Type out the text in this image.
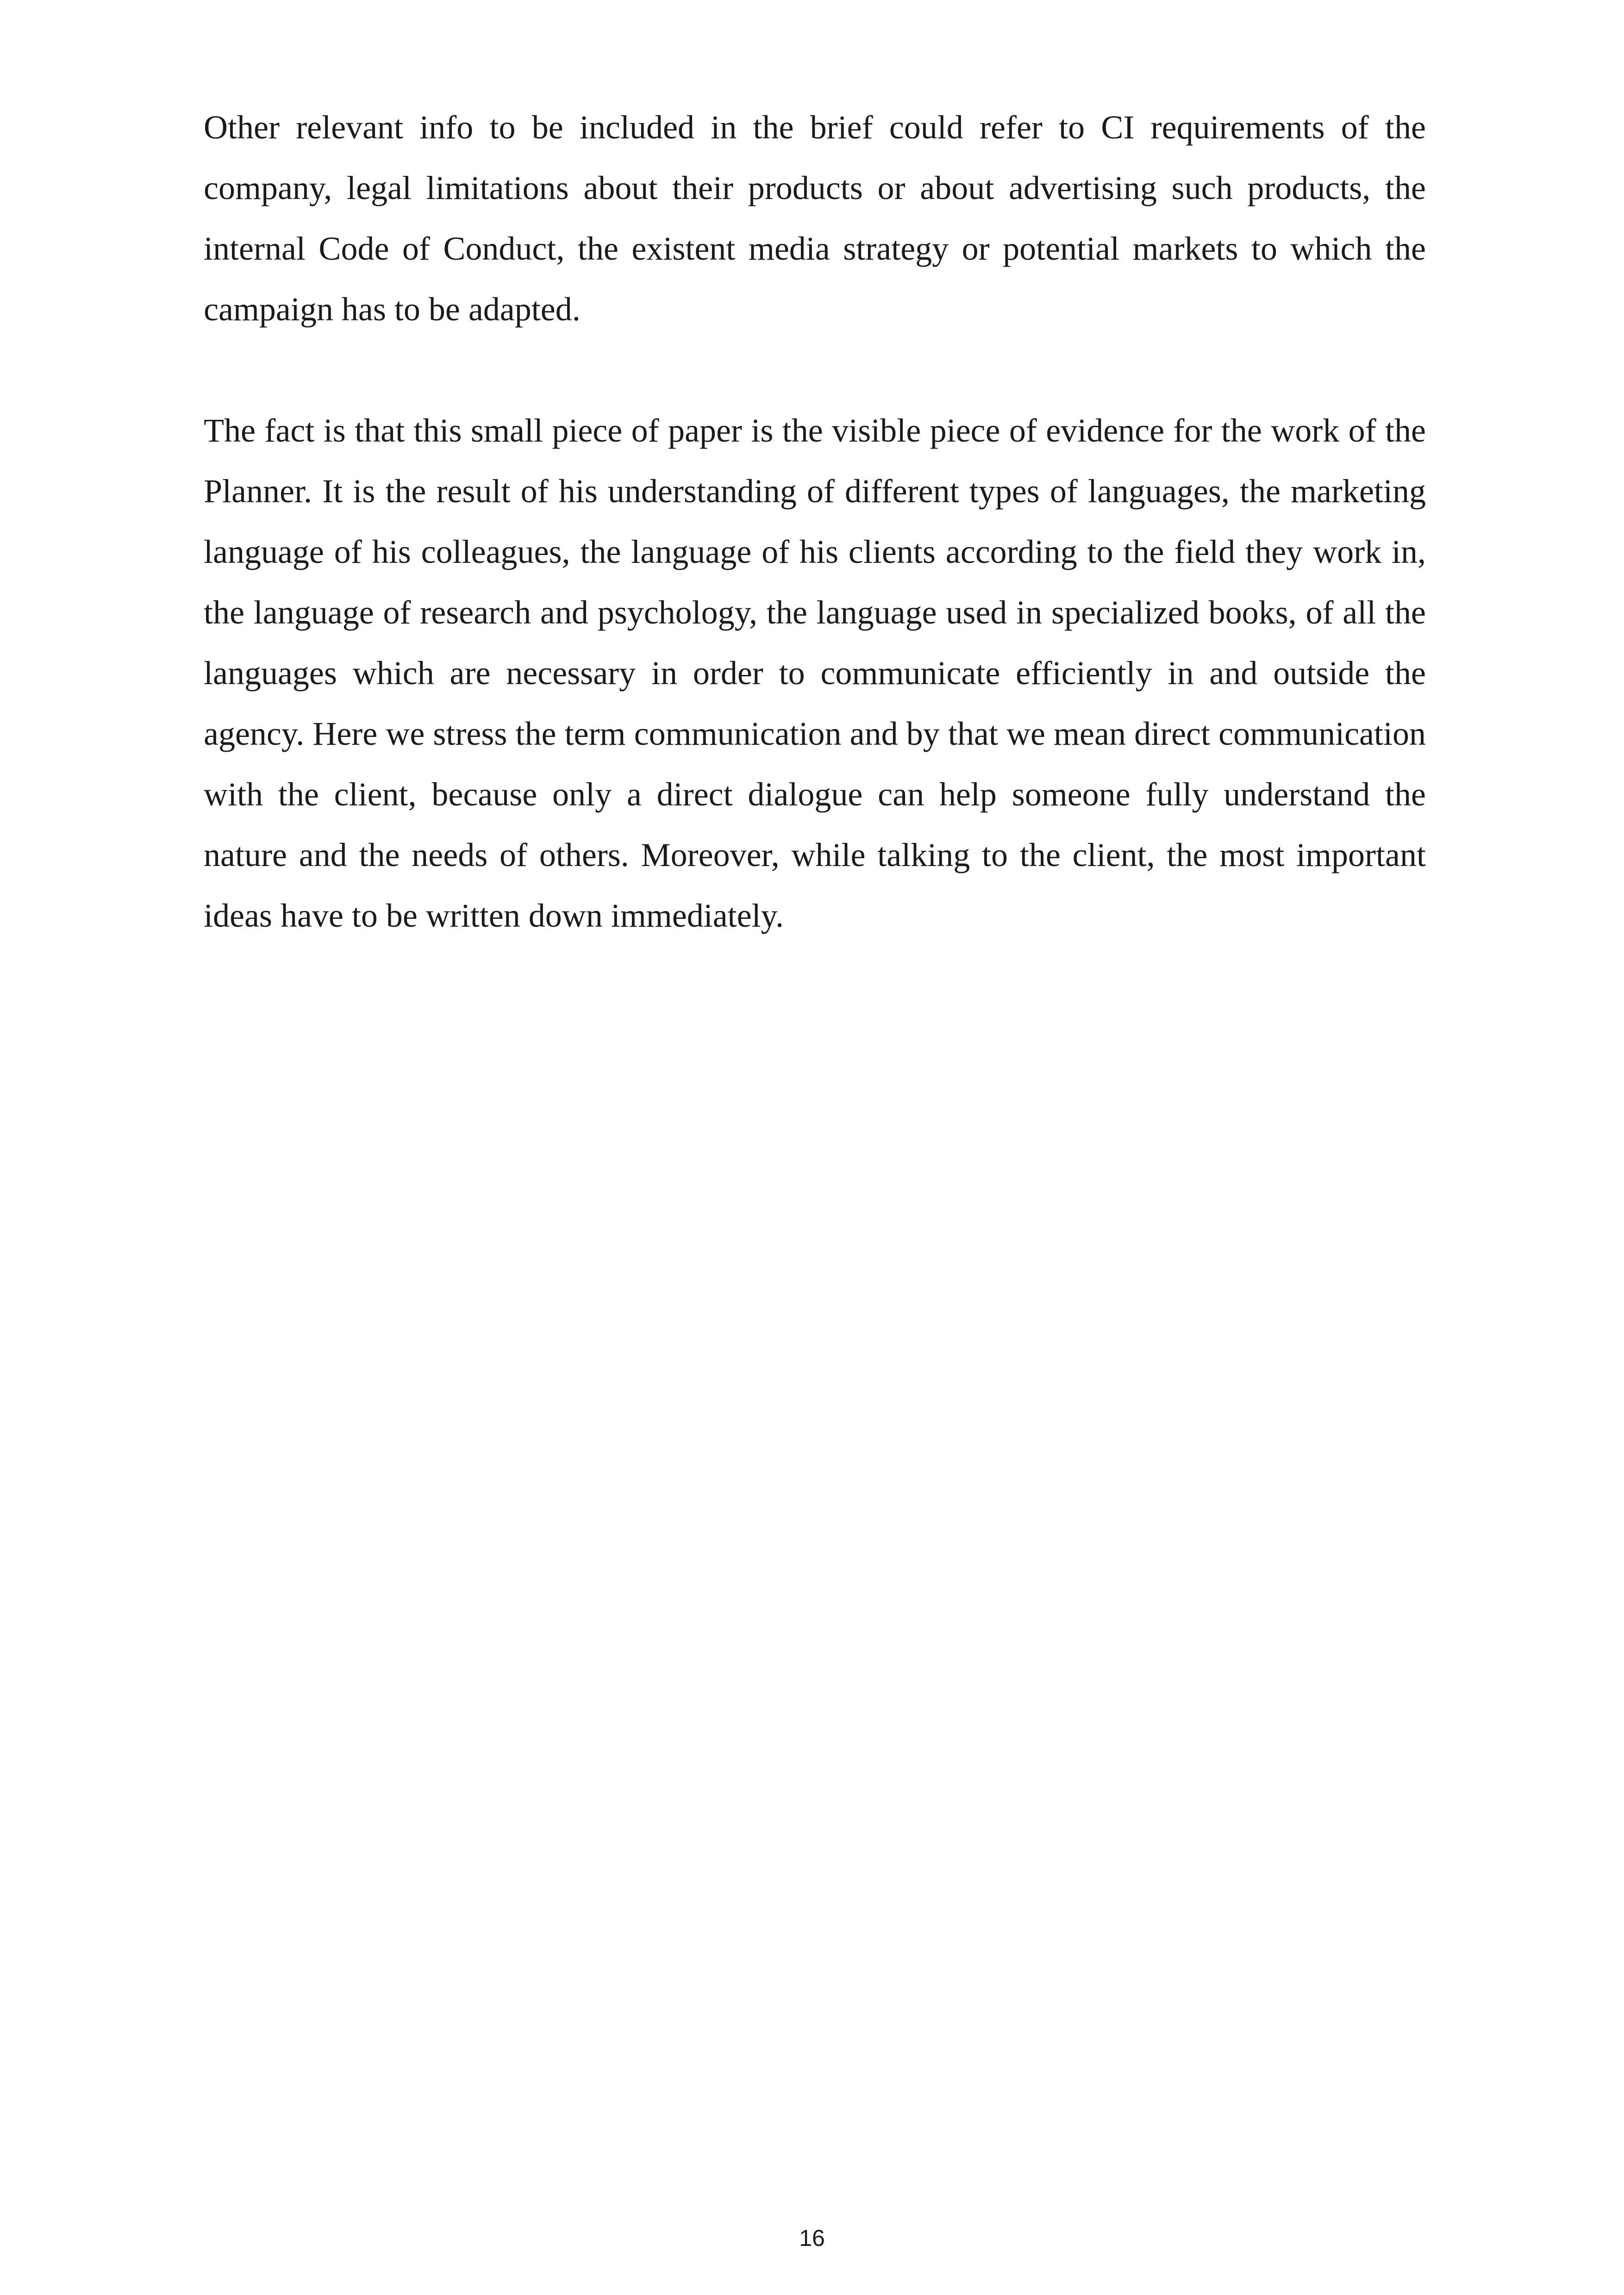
Other relevant info to be included in the brief could refer to CI requirements of the company, legal limitations about their products or about advertising such products, the internal Code of Conduct, the existent media strategy or potential markets to which the campaign has to be adapted.

The fact is that this small piece of paper is the visible piece of evidence for the work of the Planner. It is the result of his understanding of different types of languages, the marketing language of his colleagues, the language of his clients according to the field they work in, the language of research and psychology, the language used in specialized books, of all the languages which are necessary in order to communicate efficiently in and outside the agency. Here we stress the term communication and by that we mean direct communication with the client, because only a direct dialogue can help someone fully understand the nature and the needs of others. Moreover, while talking to the client, the most important ideas have to be written down immediately.

16
